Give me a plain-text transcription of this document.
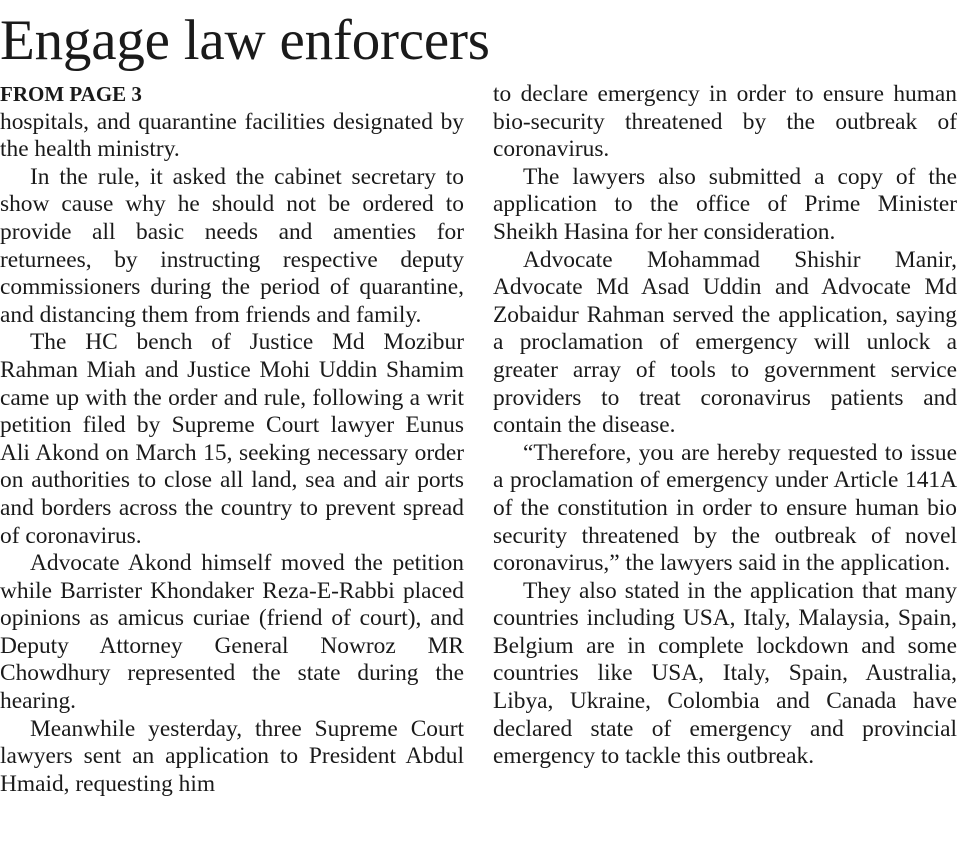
Engage law enforcers
FROM PAGE 3

hospitals, and quarantine facilities designated by the health ministry.

In the rule, it asked the cabinet secretary to show cause why he should not be ordered to provide all basic needs and amenties for returnees, by instructing respective deputy commissioners during the period of quarantine, and distancing them from friends and family.

The HC bench of Justice Md Mozibur Rahman Miah and Justice Mohi Uddin Shamim came up with the order and rule, following a writ petition filed by Supreme Court lawyer Eunus Ali Akond on March 15, seeking necessary order on authorities to close all land, sea and air ports and borders across the country to prevent spread of coronavirus.

Advocate Akond himself moved the petition while Barrister Khondaker Reza-E-Rabbi placed opinions as amicus curiae (friend of court), and Deputy Attorney General Nowroz MR Chowdhury represented the state during the hearing.

Meanwhile yesterday, three Supreme Court lawyers sent an application to President Abdul Hmaid, requesting him

to declare emergency in order to ensure human bio-security threatened by the outbreak of coronavirus.

The lawyers also submitted a copy of the application to the office of Prime Minister Sheikh Hasina for her consideration.

Advocate Mohammad Shishir Manir, Advocate Md Asad Uddin and Advocate Md Zobaidur Rahman served the application, saying a proclamation of emergency will unlock a greater array of tools to government service providers to treat coronavirus patients and contain the disease.

“Therefore, you are hereby requested to issue a proclamation of emergency under Article 141A of the constitution in order to ensure human bio security threatened by the outbreak of novel coronavirus,” the lawyers said in the application.

They also stated in the application that many countries including USA, Italy, Malaysia, Spain, Belgium are in complete lockdown and some countries like USA, Italy, Spain, Australia, Libya, Ukraine, Colombia and Canada have declared state of emergency and provincial emergency to tackle this outbreak.
